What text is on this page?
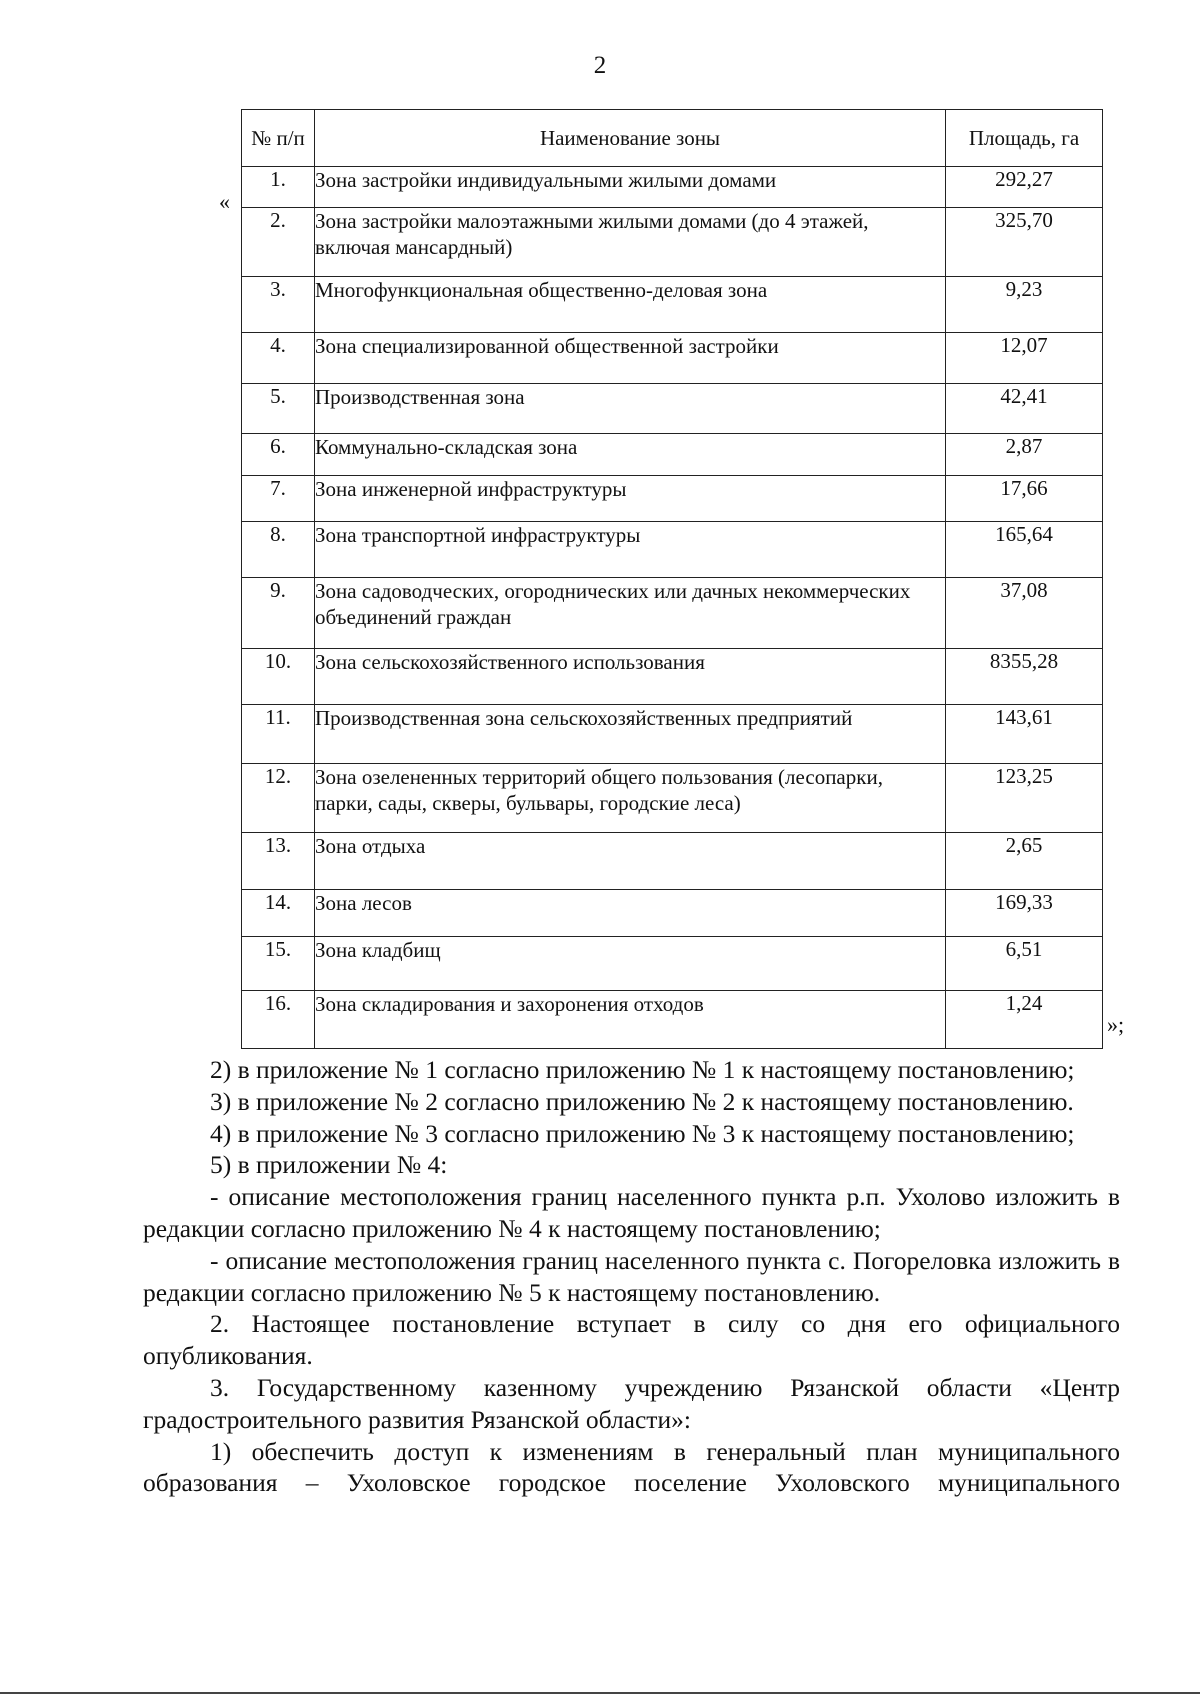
2
«
№ п/п	Наименование зоны	Площадь, га
1.	Зона застройки индивидуальными жилыми домами	292,27
2.	Зона застройки малоэтажными жилыми домами (до 4 этажей, включая мансардный)	325,70
3.	Многофункциональная общественно-деловая зона	9,23
4.	Зона специализированной общественной застройки	12,07
5.	Производственная зона	42,41
6.	Коммунально-складская зона	2,87
7.	Зона инженерной инфраструктуры	17,66
8.	Зона транспортной инфраструктуры	165,64
9.	Зона садоводческих, огороднических или дачных некоммерческих объединений граждан	37,08
10.	Зона сельскохозяйственного использования	8355,28
11.	Производственная зона сельскохозяйственных предприятий	143,61
12.	Зона озелененных территорий общего пользования (лесопарки, парки, сады, скверы, бульвары, городские леса)	123,25
13.	Зона отдыха	2,65
14.	Зона лесов	169,33
15.	Зона кладбищ	6,51
16.	Зона складирования и захоронения отходов	1,24
»;

2) в приложение № 1 согласно приложению № 1 к настоящему постановлению;

3) в приложение № 2 согласно приложению № 2 к настоящему постановлению.

4) в приложение № 3 согласно приложению № 3 к настоящему постановлению;

5) в приложении № 4:

- описание местоположения границ населенного пункта р.п. Ухолово изложить в редакции согласно приложению № 4 к настоящему постановлению;

- описание местоположения границ населенного пункта с. Погореловка изложить в редакции согласно приложению № 5 к настоящему постановлению.

2. Настоящее постановление вступает в силу со дня его официального опубликования.

3. Государственному казенному учреждению Рязанской области «Центр градостроительного развития Рязанской области»:

1) обеспечить доступ к изменениям в генеральный план муниципального образования – Ухоловское городское поселение Ухоловского муниципального
